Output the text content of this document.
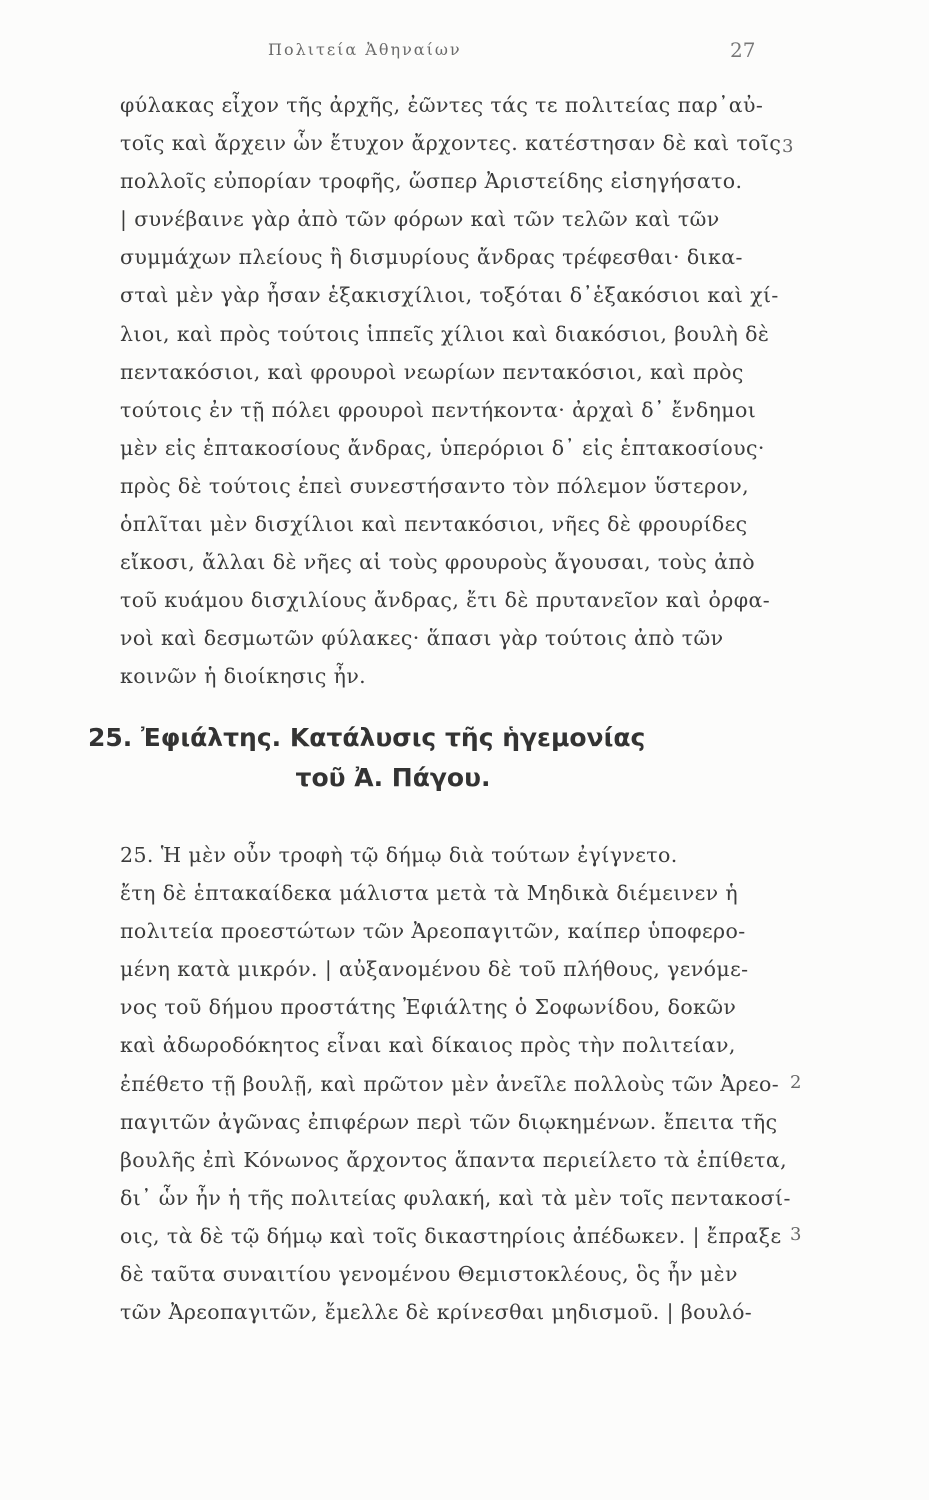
Πολιτεία Ἀθηναίων	27
φύλακας εἶχον τῆς ἀρχῆς, ἐῶντες τάς τε πολιτείας παρ᾽αὐ-
τοῖς καὶ ἄρχειν ὧν ἔτυχον ἄρχοντες. κατέστησαν δὲ καὶ τοῖς
πολλοῖς εὐπορίαν τροφῆς, ὥσπερ Ἀριστείδης εἰσηγήσατο.
| συνέβαινε γὰρ ἀπὸ τῶν φόρων καὶ τῶν τελῶν καὶ τῶν
συμμάχων πλείους ἢ δισμυρίους ἄνδρας τρέφεσθαι· δικα-
σταὶ μὲν γὰρ ἦσαν ἑξακισχίλιοι, τοξόται δ᾽ἑξακόσιοι καὶ χί-
λιοι, καὶ πρὸς τούτοις ἱππεῖς χίλιοι καὶ διακόσιοι, βουλὴ δὲ
πεντακόσιοι, καὶ φρουροὶ νεωρίων πεντακόσιοι, καὶ πρὸς
τούτοις ἐν τῇ πόλει φρουροὶ πεντήκοντα· ἀρχαὶ δ᾽ ἔνδημοι
μὲν εἰς ἑπτακοσίους ἄνδρας, ὑπερόριοι δ᾽ εἰς ἑπτακοσίους·
πρὸς δὲ τούτοις ἐπεὶ συνεστήσαντο τὸν πόλεμον ὕστερον,
ὁπλῖται μὲν δισχίλιοι καὶ πεντακόσιοι, νῆες δὲ φρουρίδες
εἴκοσι, ἄλλαι δὲ νῆες αἱ τοὺς φρουροὺς ἄγουσαι, τοὺς ἀπὸ
τοῦ κυάμου δισχιλίους ἄνδρας, ἔτι δὲ πρυτανεῖον καὶ ὀρφα-
νοὶ καὶ δεσμωτῶν φύλακες· ἅπασι γὰρ τούτοις ἀπὸ τῶν
κοινῶν ἡ διοίκησις ἦν.
25. Ἐφιάλτης. Κατάλυσις τῆς ἡγεμονίας
τοῦ Ἀ. Πάγου.
25. Ἡ μὲν οὖν τροφὴ τῷ δήμῳ διὰ τούτων ἐγίγνετο.
ἔτη δὲ ἑπτακαίδεκα μάλιστα μετὰ τὰ Μηδικὰ διέμεινεν ἡ
πολιτεία προεστώτων τῶν Ἀρεοπαγιτῶν, καίπερ ὑποφερο-
μένη κατὰ μικρόν. | αὐξανομένου δὲ τοῦ πλήθους, γενόμε-
νος τοῦ δήμου προστάτης Ἐφιάλτης ὁ Σοφωνίδου, δοκῶν
καὶ ἀδωροδόκητος εἶναι καὶ δίκαιος πρὸς τὴν πολιτείαν,
ἐπέθετο τῇ βουλῇ, καὶ πρῶτον μὲν ἀνεῖλε πολλοὺς τῶν Ἀρεο-
παγιτῶν ἀγῶνας ἐπιφέρων περὶ τῶν διῳκημένων. ἔπειτα τῆς
βουλῆς ἐπὶ Κόνωνος ἄρχοντος ἅπαντα περιείλετο τὰ ἐπίθετα,
δι᾽ ὧν ἦν ἡ τῆς πολιτείας φυλακή, καὶ τὰ μὲν τοῖς πεντακοσί-
οις, τὰ δὲ τῷ δήμῳ καὶ τοῖς δικαστηρίοις ἀπέδωκεν. | ἔπραξε
δὲ ταῦτα συναιτίου γενομένου Θεμιστοκλέους, ὃς ἦν μὲν
τῶν Ἀρεοπαγιτῶν, ἔμελλε δὲ κρίνεσθαι μηδισμοῦ. | βουλό-
3
2
3
